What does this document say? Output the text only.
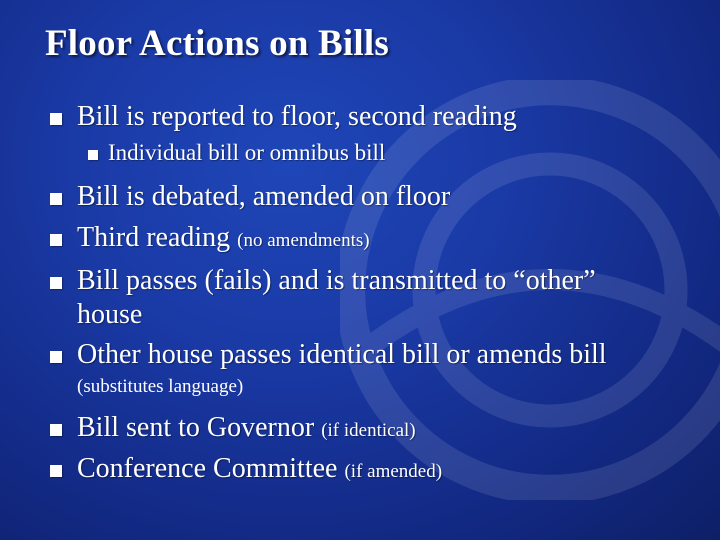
Floor Actions on Bills
Bill is reported to floor, second reading
Individual bill or omnibus bill
Bill is debated, amended on floor
Third reading (no amendments)
Bill passes (fails) and is transmitted to “other”
house
Other house passes identical bill or amends bill
(substitutes language)
Bill sent to Governor (if identical)
Conference Committee (if amended)
